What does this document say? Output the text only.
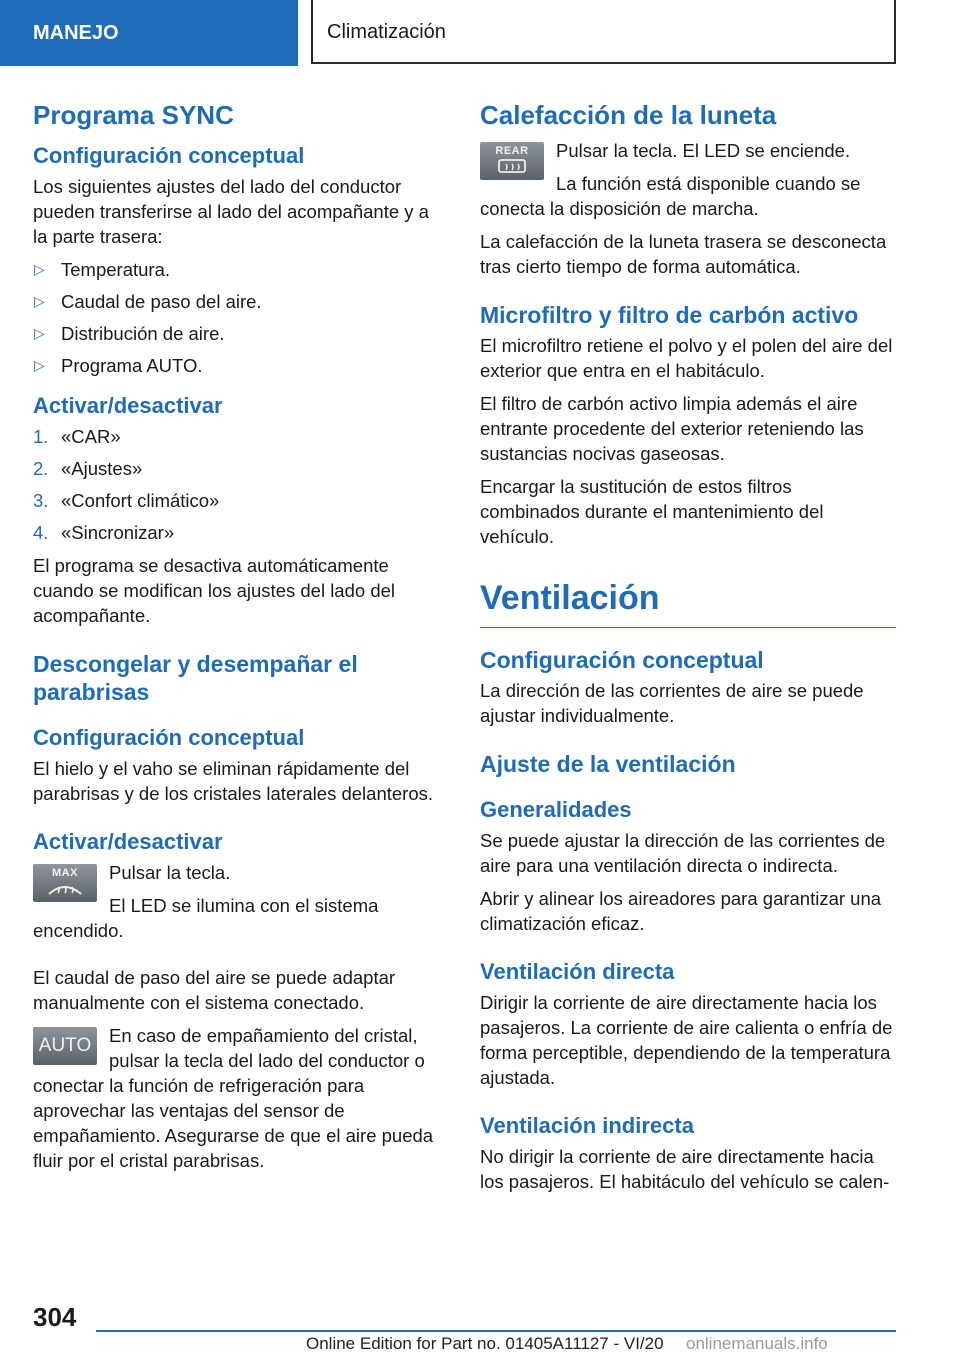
MANEJO	Climatización
Programa SYNC
Configuración conceptual

Los siguientes ajustes del lado del conductor pueden transferirse al lado del acompañante y a la parte trasera:

▷ Temperatura.
▷ Caudal de paso del aire.
▷ Distribución de aire.
▷ Programa AUTO.
Activar/desactivar
1. «CAR»
2. «Ajustes»
3. «Confort climático»
4. «Sincronizar»

El programa se desactiva automáticamente cuando se modifican los ajustes del lado del acompañante.

Descongelar y desempañar el parabrisas
Configuración conceptual

El hielo y el vaho se eliminan rápidamente del parabrisas y de los cristales laterales delanteros.

Activar/desactivar
MAX	Pulsar la tecla.

El LED se ilumina con el sistema encendido.

El caudal de paso del aire se puede adaptar manualmente con el sistema conectado.

AUTO En caso de empañamiento del cristal, pulsar la tecla del lado del conductor o conectar la función de refrigeración para aprovechar las ventajas del sensor de empañamiento. Asegurarse de que el aire pueda fluir por el cristal parabrisas.

Calefacción de la luneta
REAR	Pulsar la tecla. El LED se enciende.

La función está disponible cuando se conecta la disposición de marcha.

La calefacción de la luneta trasera se desconecta tras cierto tiempo de forma automática.

Microfiltro y filtro de carbón activo

El microfiltro retiene el polvo y el polen del aire del exterior que entra en el habitáculo.

El filtro de carbón activo limpia además el aire entrante procedente del exterior reteniendo las sustancias nocivas gaseosas.

Encargar la sustitución de estos filtros combinados durante el mantenimiento del vehículo.

Ventilación
Configuración conceptual

La dirección de las corrientes de aire se puede ajustar individualmente.

Ajuste de la ventilación
Generalidades

Se puede ajustar la dirección de las corrientes de aire para una ventilación directa o indirecta.

Abrir y alinear los aireadores para garantizar una climatización eficaz.

Ventilación directa

Dirigir la corriente de aire directamente hacia los pasajeros. La corriente de aire calienta o enfría de forma perceptible, dependiendo de la temperatura ajustada.

Ventilación indirecta

No dirigir la corriente de aire directamente hacia los pasajeros. El habitáculo del vehículo se calen-

304
Online Edition for Part no. 01405A11127 - VI/20 onlinemanuals.info
